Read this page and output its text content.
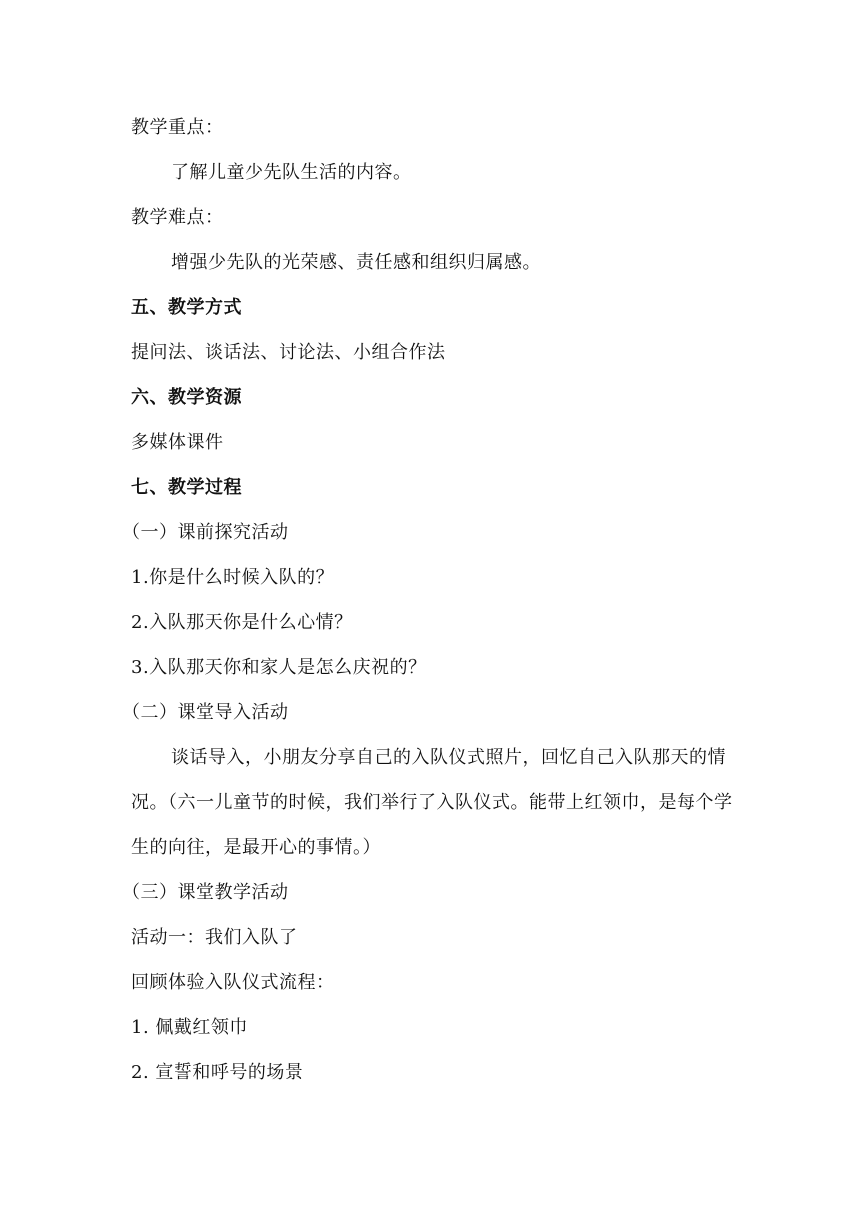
教学重点：
了解儿童少先队生活的内容。
教学难点：
增强少先队的光荣感、责任感和组织归属感。
五、教学方式
提问法、谈话法、讨论法、小组合作法
六、教学资源
多媒体课件
七、教学过程
（一）课前探究活动
1.你是什么时候入队的？
2.入队那天你是什么心情？
3.入队那天你和家人是怎么庆祝的？
（二）课堂导入活动
谈话导入，小朋友分享自己的入队仪式照片，回忆自己入队那天的情况。（六一儿童节的时候，我们举行了入队仪式。能带上红领巾，是每个学生的向往，是最开心的事情。）
（三）课堂教学活动
活动一：我们入队了
回顾体验入队仪式流程：
1. 佩戴红领巾
2. 宣誓和呼号的场景
